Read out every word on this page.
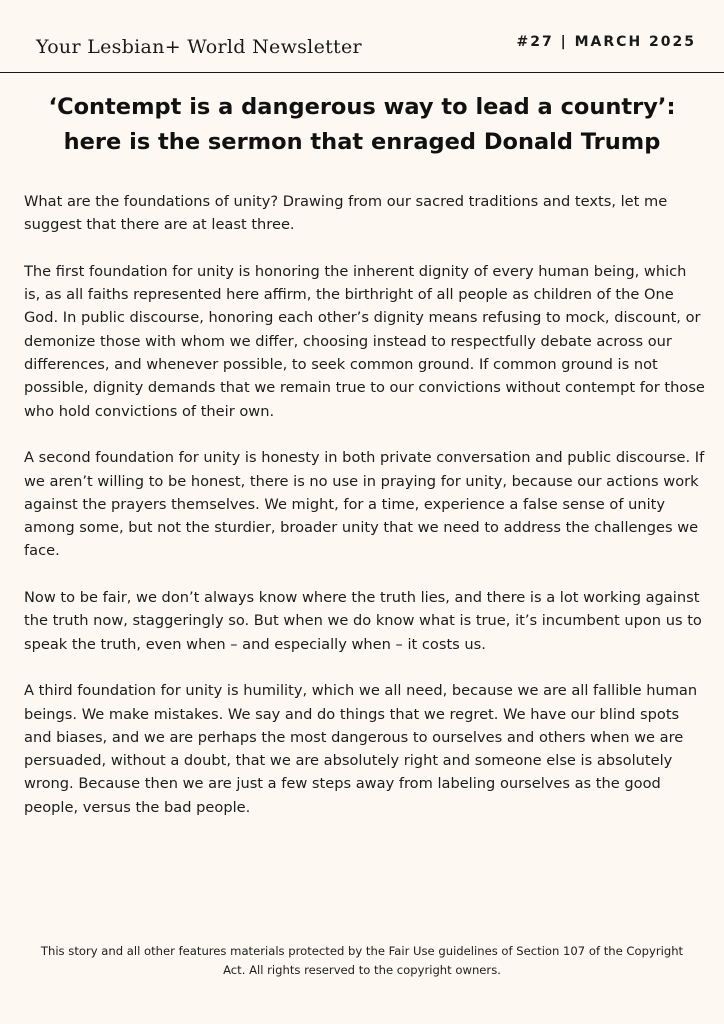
Your Lesbian+ World Newsletter	#27 | MARCH 2025
‘Contempt is a dangerous way to lead a country’: here is the sermon that enraged Donald Trump

What are the foundations of unity? Drawing from our sacred traditions and texts, let me suggest that there are at least three.

The first foundation for unity is honoring the inherent dignity of every human being, which is, as all faiths represented here affirm, the birthright of all people as children of the One God. In public discourse, honoring each other’s dignity means refusing to mock, discount, or demonize those with whom we differ, choosing instead to respectfully debate across our differences, and whenever possible, to seek common ground. If common ground is not possible, dignity demands that we remain true to our convictions without contempt for those who hold convictions of their own.

A second foundation for unity is honesty in both private conversation and public discourse. If we aren’t willing to be honest, there is no use in praying for unity, because our actions work against the prayers themselves. We might, for a time, experience a false sense of unity among some, but not the sturdier, broader unity that we need to address the challenges we face.

Now to be fair, we don’t always know where the truth lies, and there is a lot working against the truth now, staggeringly so. But when we do know what is true, it’s incumbent upon us to speak the truth, even when – and especially when – it costs us.

A third foundation for unity is humility, which we all need, because we are all fallible human beings. We make mistakes. We say and do things that we regret. We have our blind spots and biases, and we are perhaps the most dangerous to ourselves and others when we are persuaded, without a doubt, that we are absolutely right and someone else is absolutely wrong. Because then we are just a few steps away from labeling ourselves as the good people, versus the bad people.

This story and all other features materials protected by the Fair Use guidelines of Section 107 of the Copyright Act. All rights reserved to the copyright owners.
